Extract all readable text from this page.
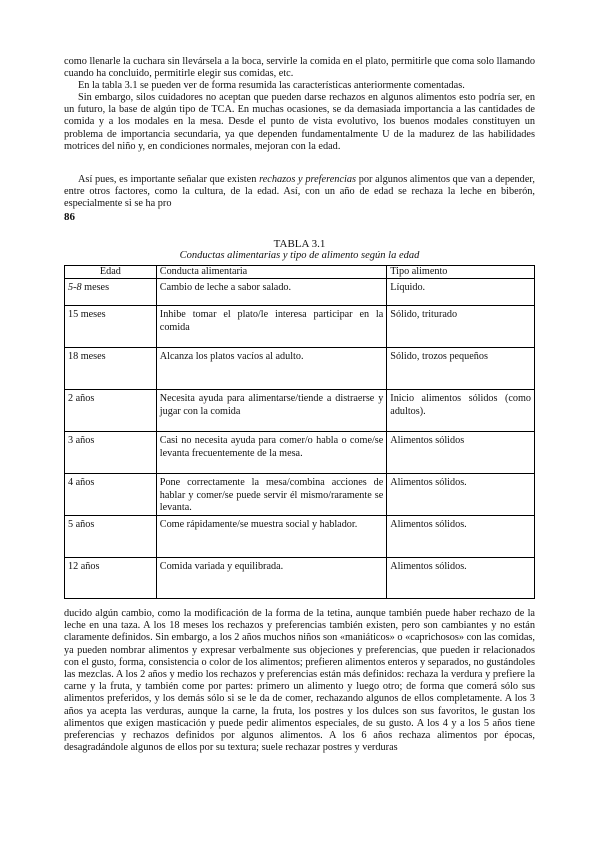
como llenarle la cuchara sin llevársela a la boca, servirle la comida en el plato, permitirle que coma solo llamando cuando ha concluido, permitirle elegir sus comidas, etc.

En la tabla 3.1 se pueden ver de forma resumida las características anteriormente comentadas.

Sin embargo, silos cuidadores no aceptan que pueden darse rechazos en algunos alimentos esto podría ser, en un futuro, la base de algún tipo de TCA. En muchas ocasiones, se da demasiada importancia a las cantidades de comida y a los modales en la mesa. Desde el punto de vista evolutivo, los buenos modales constituyen un problema de importancia secundaria, ya que dependen fundamentalmente U de la madurez de las habilidades motrices del niño y, en condiciones normales, mejoran con la edad.

Así pues, es importante señalar que existen rechazos y preferencias por algunos alimentos que van a depender, entre otros factores, como la cultura, de la edad. Así, con un año de edad se rechaza la leche en biberón, especialmente si se ha pro

86
TABLA 3.1
Conductas alimentarias y tipo de alimento según la edad
Edad	Conducta alimentaria	Tipo alimento
5-8 meses	Cambio de leche a sabor salado.	Líquido.
15 meses	Inhibe tomar el plato/le interesa participar en la comida	Sólido, triturado
18 meses	Alcanza los platos vacíos al adulto.	Sólido, trozos pequeños
2 años	Necesita ayuda para alimentarse/tiende a distraerse y jugar con la comida	Inicio alimentos sólidos (como adultos).
3 años	Casi no necesita ayuda para comer/o habla o come/se levanta frecuentemente de la mesa.	Alimentos sólidos
4 años	Pone correctamente la mesa/combina acciones de hablar y comer/se puede servir él mismo/raramente se levanta.	Alimentos sólidos.
5 años	Come rápidamente/se muestra social y hablador.	Alimentos sólidos.
12 años	Comida variada y equilibrada.	Alimentos sólidos.

ducido algún cambio, como la modificación de la forma de la tetina, aunque también puede haber rechazo de la leche en una taza. A los 18 meses los rechazos y preferencias también existen, pero son cambiantes y no están claramente definidos. Sin embargo, a los 2 años muchos niños son «maniáticos» o «caprichosos» con las comidas, ya pueden nombrar alimentos y expresar verbalmente sus objeciones y preferencias, que pueden ir relacionados con el gusto, forma, consistencia o color de los alimentos; prefieren alimentos enteros y separados, no gustándoles las mezclas. A los 2 años y medio los rechazos y preferencias están más definidos: rechaza la verdura y prefiere la carne y la fruta, y también come por partes: primero un alimento y luego otro; de forma que comerá sólo sus alimentos preferidos, y los demás sólo si se le da de comer, rechazando algunos de ellos completamente. A los 3 años ya acepta las verduras, aunque la carne, la fruta, los postres y los dulces son sus favoritos, le gustan los alimentos que exigen masticación y puede pedir alimentos especiales, de su gusto. A los 4 y a los 5 años tiene preferencias y rechazos definidos por algunos alimentos. A los 6 años rechaza alimentos por épocas, desagradándole algunos de ellos por su textura; suele rechazar postres y verduras
